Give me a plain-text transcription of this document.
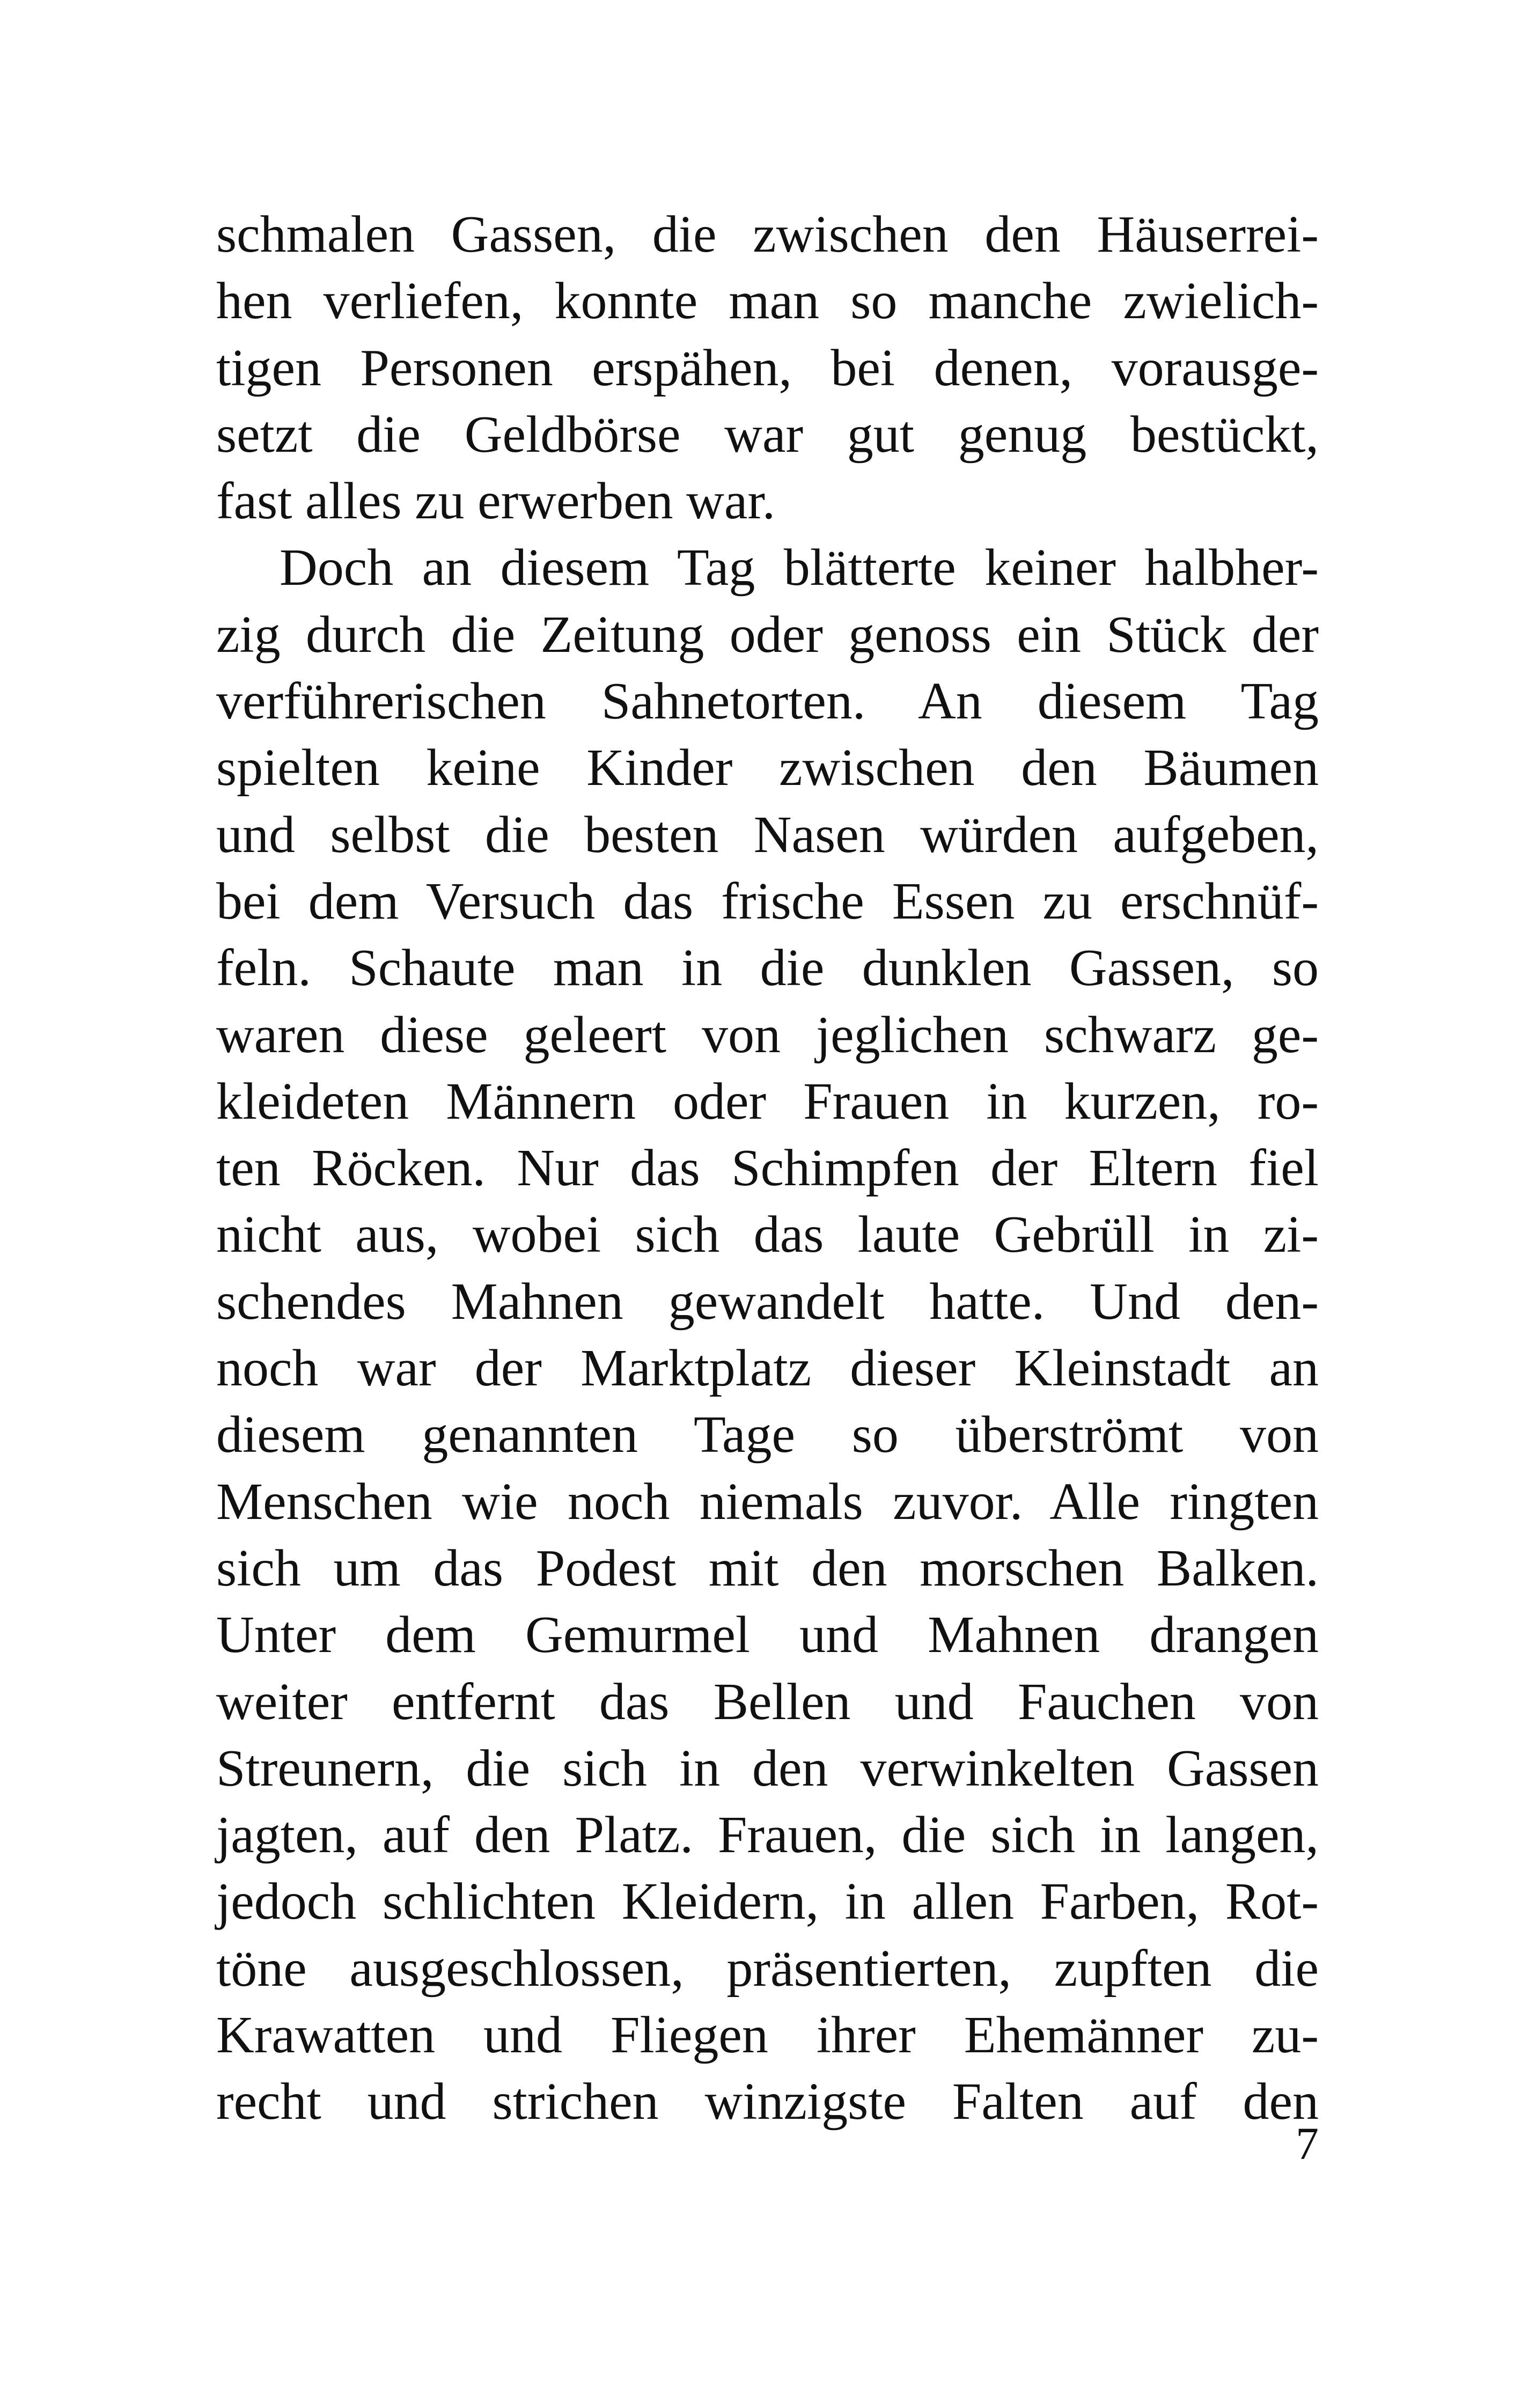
schmalen Gassen, die zwischen den Häuserrei-
hen verliefen, konnte man so manche zwielich-
tigen Personen erspähen, bei denen, vorausge-
setzt die Geldbörse war gut genug bestückt,
fast alles zu erwerben war.
Doch an diesem Tag blätterte keiner halbher-
zig durch die Zeitung oder genoss ein Stück der
verführerischen Sahnetorten. An diesem Tag
spielten keine Kinder zwischen den Bäumen
und selbst die besten Nasen würden aufgeben,
bei dem Versuch das frische Essen zu erschnüf-
feln. Schaute man in die dunklen Gassen, so
waren diese geleert von jeglichen schwarz ge-
kleideten Männern oder Frauen in kurzen, ro-
ten Röcken. Nur das Schimpfen der Eltern fiel
nicht aus, wobei sich das laute Gebrüll in zi-
schendes Mahnen gewandelt hatte. Und den-
noch war der Marktplatz dieser Kleinstadt an
diesem genannten Tage so überströmt von
Menschen wie noch niemals zuvor. Alle ringten
sich um das Podest mit den morschen Balken.
Unter dem Gemurmel und Mahnen drangen
weiter entfernt das Bellen und Fauchen von
Streunern, die sich in den verwinkelten Gassen
jagten, auf den Platz. Frauen, die sich in langen,
jedoch schlichten Kleidern, in allen Farben, Rot-
töne ausgeschlossen, präsentierten, zupften die
Krawatten und Fliegen ihrer Ehemänner zu-
recht und strichen winzigste Falten auf den
7
